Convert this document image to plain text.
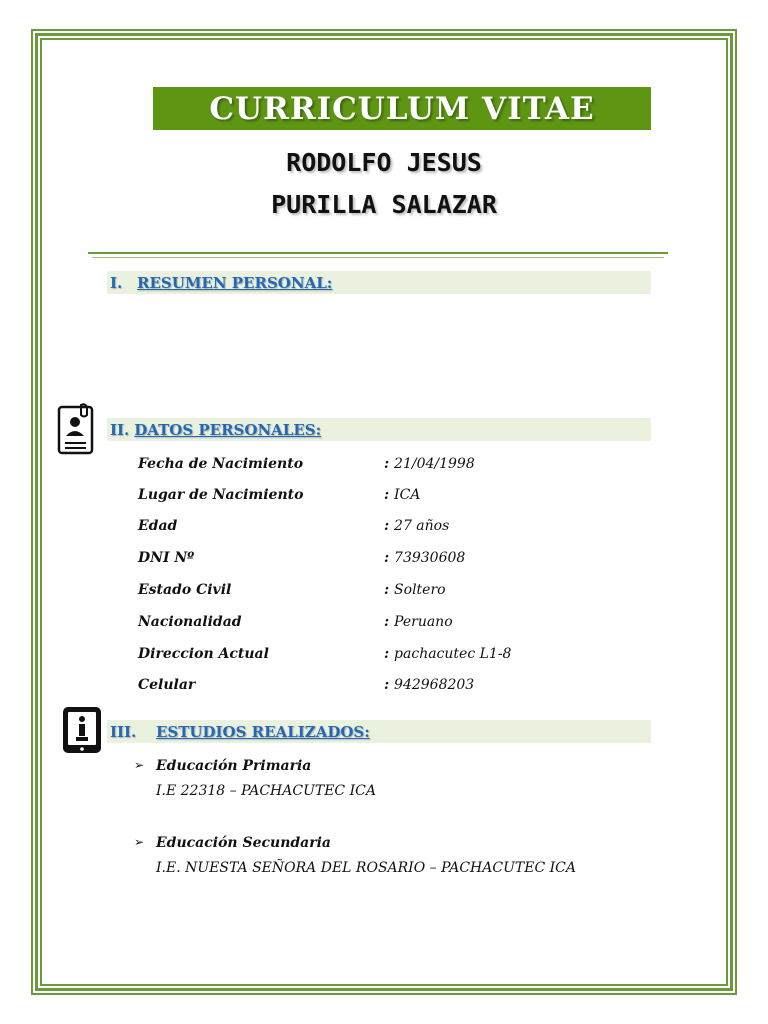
CURRICULUM VITAE
RODOLFO JESUS
PURILLA SALAZAR
I. RESUMEN PERSONAL:
II. DATOS PERSONALES:
Fecha de Nacimiento	: 21/04/1998
Lugar de Nacimiento	: ICA
Edad	: 27 años
DNI Nº	: 73930608
Estado Civil	: Soltero
Nacionalidad	: Peruano
Direccion Actual	: pachacutec L1-8
Celular	: 942968203
III.	ESTUDIOS REALIZADOS:
➢ Educación Primaria
I.E 22318 – PACHACUTEC ICA
➢ Educación Secundaria
I.E. NUESTA SEÑORA DEL ROSARIO – PACHACUTEC ICA
